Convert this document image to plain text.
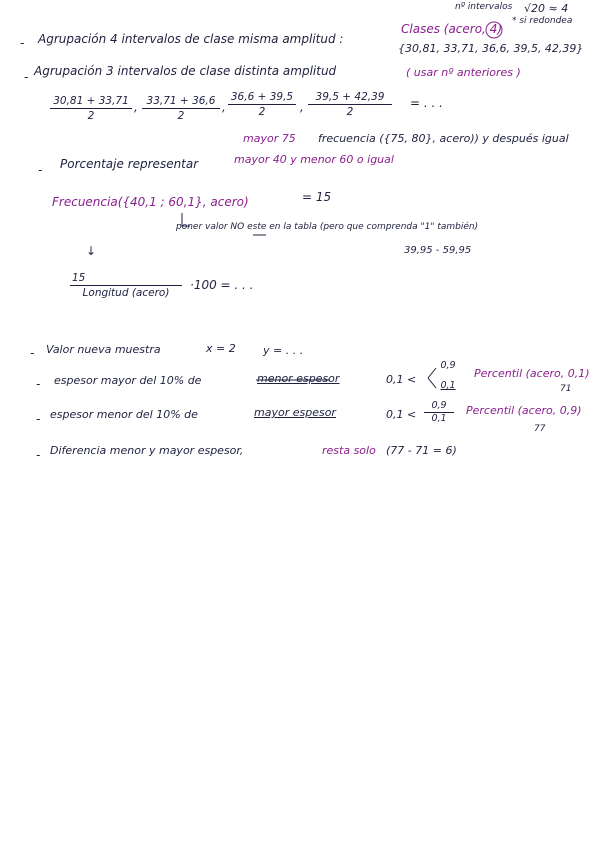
nº intervalos √20 ≈ 4
* si redondea
- Agrupación 4 intervalos de clase misma amplitud :
Clases (acero, 4)
{30,81, 33,71, 36,6, 39,5, 42,39}
- Agrupación 3 intervalos de clase distinta amplitud	( usar nº anteriores )
$\frac{30,81 + 33,71}{2}$ , $\frac{33,71 + 36,6}{2}$ , $\frac{36,6 + 39,5}{2}$ , $\frac{39,5 + 42,39}{2}$ = . . .
mayor 75 frecuencia ({75, 80}, acero)) y después igual
- Porcentaje representar	mayor 40 y menor 60 o igual
Frecuencia({40,1 ; 60,1}, acero)	= 15
poner valor NO este en la tabla (pero que comprenda "1" también)
39,95 - 59,95
↓
15
Longitud (acero)
·100 = . . .
- Valor nueva muestra	x = 2 y = . . .
- espesor mayor del 10% de	menor espesor	0,1 <
0,9
0,1
Percentil (acero, 0,1)
71
- espesor menor del 10% de	mayor espesor	0,1 <
0,9
0,1
Percentil (acero, 0,9)
77
- Diferencia menor y mayor espesor,	resta solo (77 - 71 = 6)
